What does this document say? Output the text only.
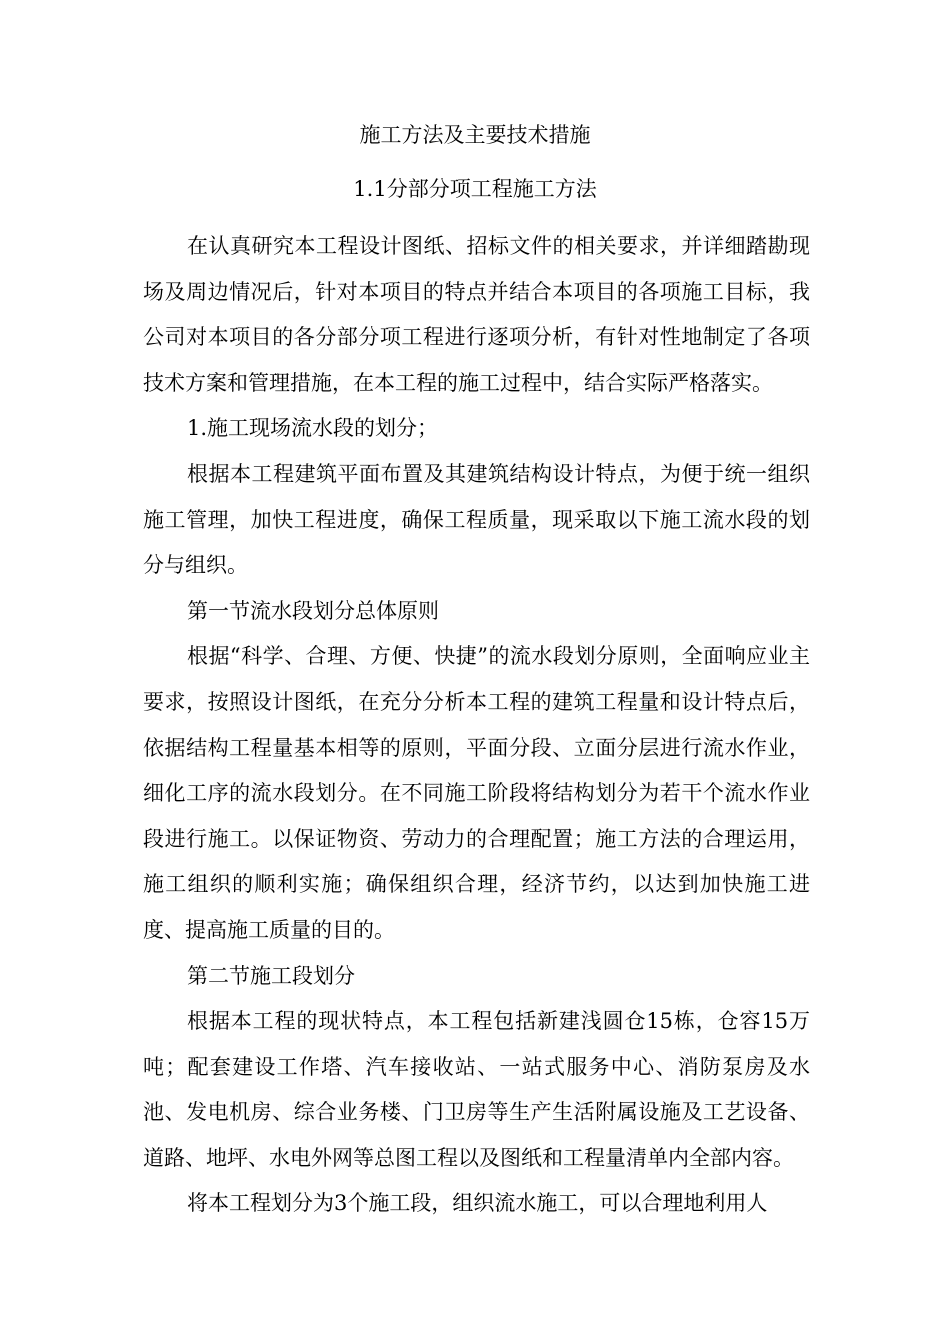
施工方法及主要技术措施
1.1分部分项工程施工方法

在认真研究本工程设计图纸、招标文件的相关要求，并详细踏勘现场及周边情况后，针对本项目的特点并结合本项目的各项施工目标，我公司对本项目的各分部分项工程进行逐项分析，有针对性地制定了各项技术方案和管理措施，在本工程的施工过程中，结合实际严格落实。

1.施工现场流水段的划分；

根据本工程建筑平面布置及其建筑结构设计特点，为便于统一组织施工管理，加快工程进度，确保工程质量，现采取以下施工流水段的划分与组织。

第一节流水段划分总体原则

根据“科学、合理、方便、快捷”的流水段划分原则，全面响应业主要求，按照设计图纸，在充分分析本工程的建筑工程量和设计特点后，依据结构工程量基本相等的原则，平面分段、立面分层进行流水作业，细化工序的流水段划分。在不同施工阶段将结构划分为若干个流水作业段进行施工。以保证物资、劳动力的合理配置；施工方法的合理运用，施工组织的顺利实施；确保组织合理，经济节约，以达到加快施工进度、提高施工质量的目的。

第二节施工段划分

根据本工程的现状特点，本工程包括新建浅圆仓15栋，仓容15万吨；配套建设工作塔、汽车接收站、一站式服务中心、消防泵房及水池、发电机房、综合业务楼、门卫房等生产生活附属设施及工艺设备、道路、地坪、水电外网等总图工程以及图纸和工程量清单内全部内容。

将本工程划分为3个施工段，组织流水施工，可以合理地利用人
